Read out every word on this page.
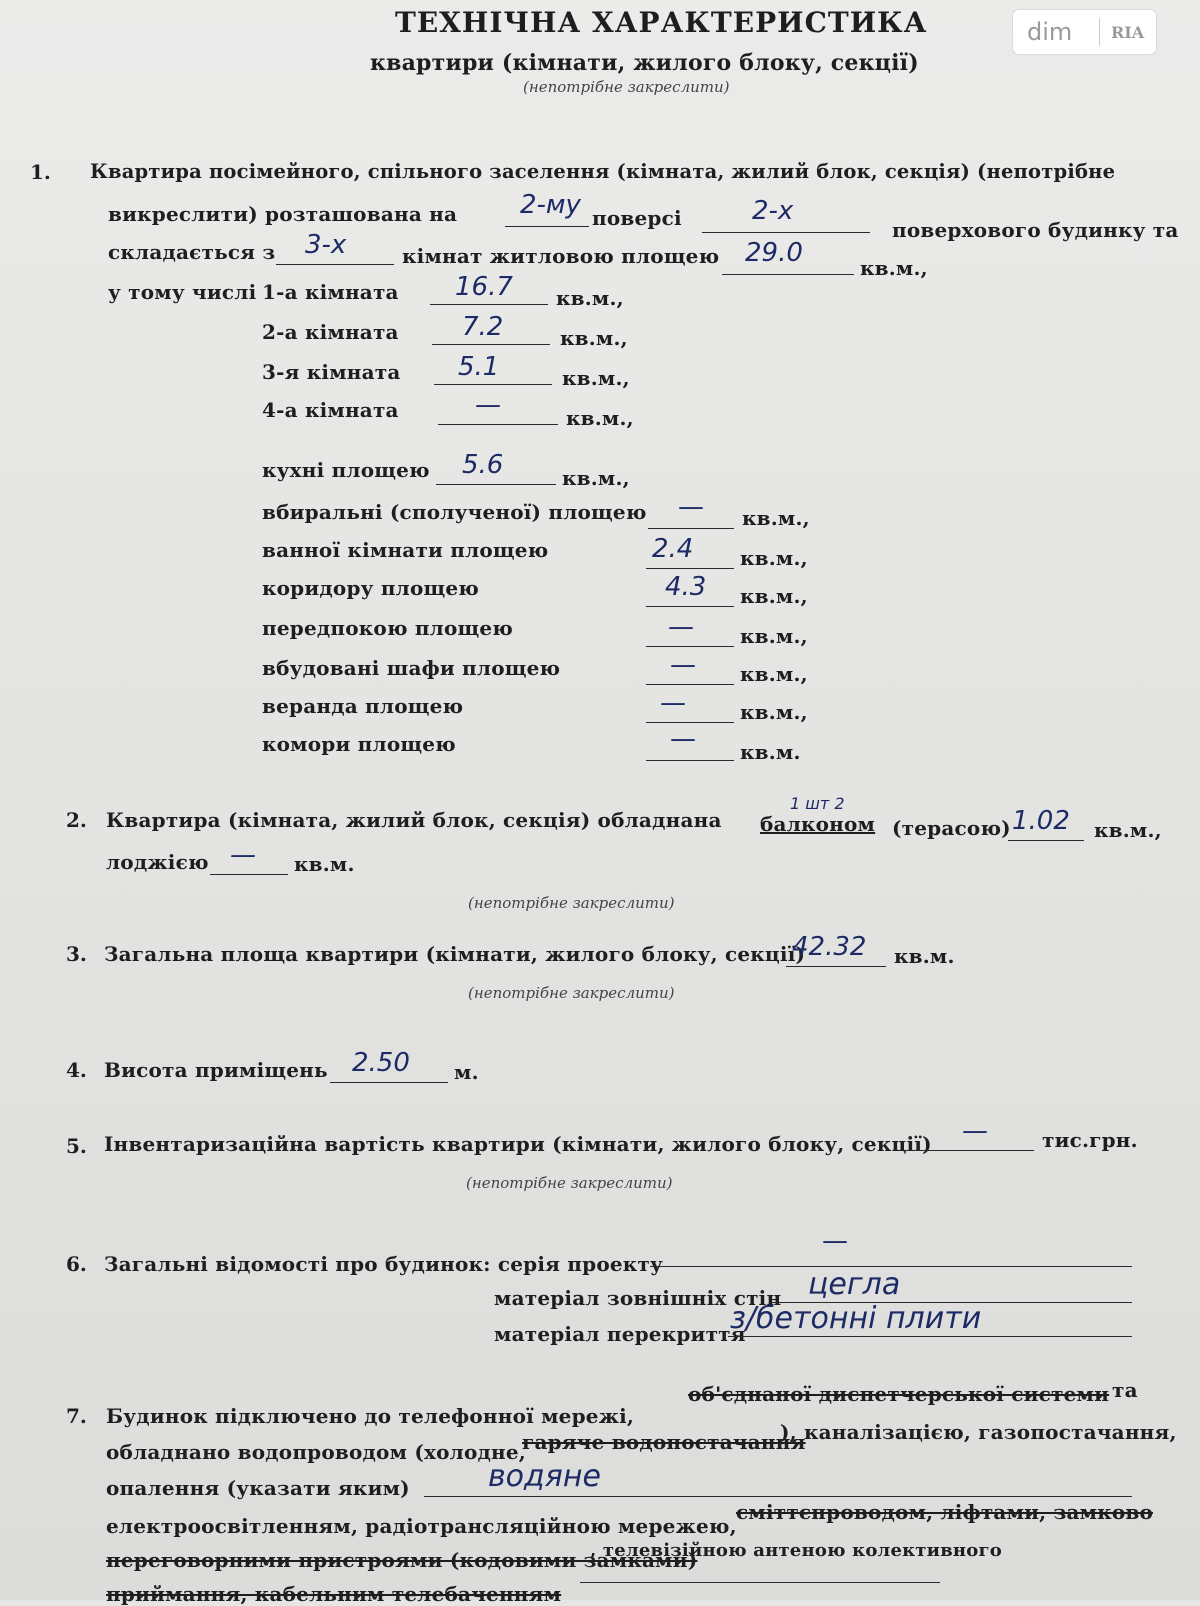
dim RIA
ТЕХНІЧНА ХАРАКТЕРИСТИКА
квартири (кімнати, жилого блоку, секції)
(непотрібне закреслити)
1. Квартира посімейного, спільного заселення (кімната, жилий блок, секція) (непотрібне
викреслити) розташована на 2-му поверсі	2-х
поверхового будинку та
складається з 3-х	кімнат житловою площею 29.0	кв.м.,
у тому числі 1-а кімната 16.7 кв.м.,
2-а кімната 7.2	кв.м.,
3-я кімната 5.1	кв.м.,
4-а кімната	—	кв.м.,
кухні площею 5.6	кв.м.,
вбиральні (сполученої) площею — кв.м.,
ванної кімнати площею	2.4 кв.м.,
коридору площею	4.3 кв.м.,
передпокою площею	— кв.м.,
вбудовані шафи площею	— кв.м.,
веранда площею	—	кв.м.,
комори площею	— кв.м.
2. Квартира (кімната, жилий блок, секція) обладнана
1 шт 2
балконом (терасою) 1.02 кв.м.,
лоджією — кв.м.
(непотрібне закреслити)
3. Загальна площа квартири (кімнати, жилого блоку, секції)
42.32 кв.м.
(непотрібне закреслити)
4. Висота приміщень 2.50 м.
5. Інвентаризаційна вартість квартири (кімнати, жилого блоку, секції) —	тис.грн.
(непотрібне закреслити)
6. Загальні відомості про будинок: серія проекту
—
матеріал зовнішніх стін цегла
матеріал перекриття
з/бетонні плити
7. Будинок підключено до телефонної мережі,
об'єднаної диспетчерської системи та
обладнано водопроводом (холодне,
гаряче водопостачання
), каналізацією, газопостачання,
опалення (указати яким)	водяне
електроосвітленням, радіотрансляційною мережею,
сміттєпроводом, ліфтами, замково
переговорними пристроями (кодовими замками)
, телевізійною антеною колективного
приймання, кабельним телебаченням
